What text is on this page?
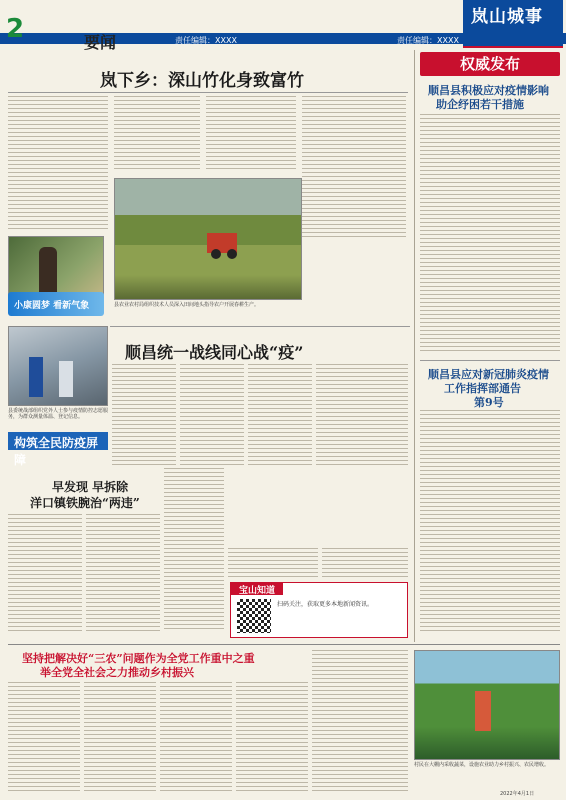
2	要闻	责任编辑：XXXX	责任编辑：XXXX
岚山城事
岚下乡：深山竹化身致富竹
县农业农村局组织技术人员深入田间地头指导农户开展春耕生产。
小康圆梦 看新气象
顺昌统一战线同心战“疫”
县委统战部组织党外人士参与疫情防控志愿服务，为群众测量体温、登记信息。
构筑全民防疫屏障
早发现 早拆除
洋口镇铁腕治“两违”
宝山知道
扫码关注，获取更多本地新闻资讯。
权威发布
顺昌县积极应对疫情影响
助企纾困若干措施
顺昌县应对新冠肺炎疫情
工作指挥部通告
第9号
坚持把解决好“三农”问题作为全党工作重中之重
举全党全社会之力推动乡村振兴
村民在大棚内采收蔬菜，设施农业助力乡村振兴、农民增收。
2022年4月1日
